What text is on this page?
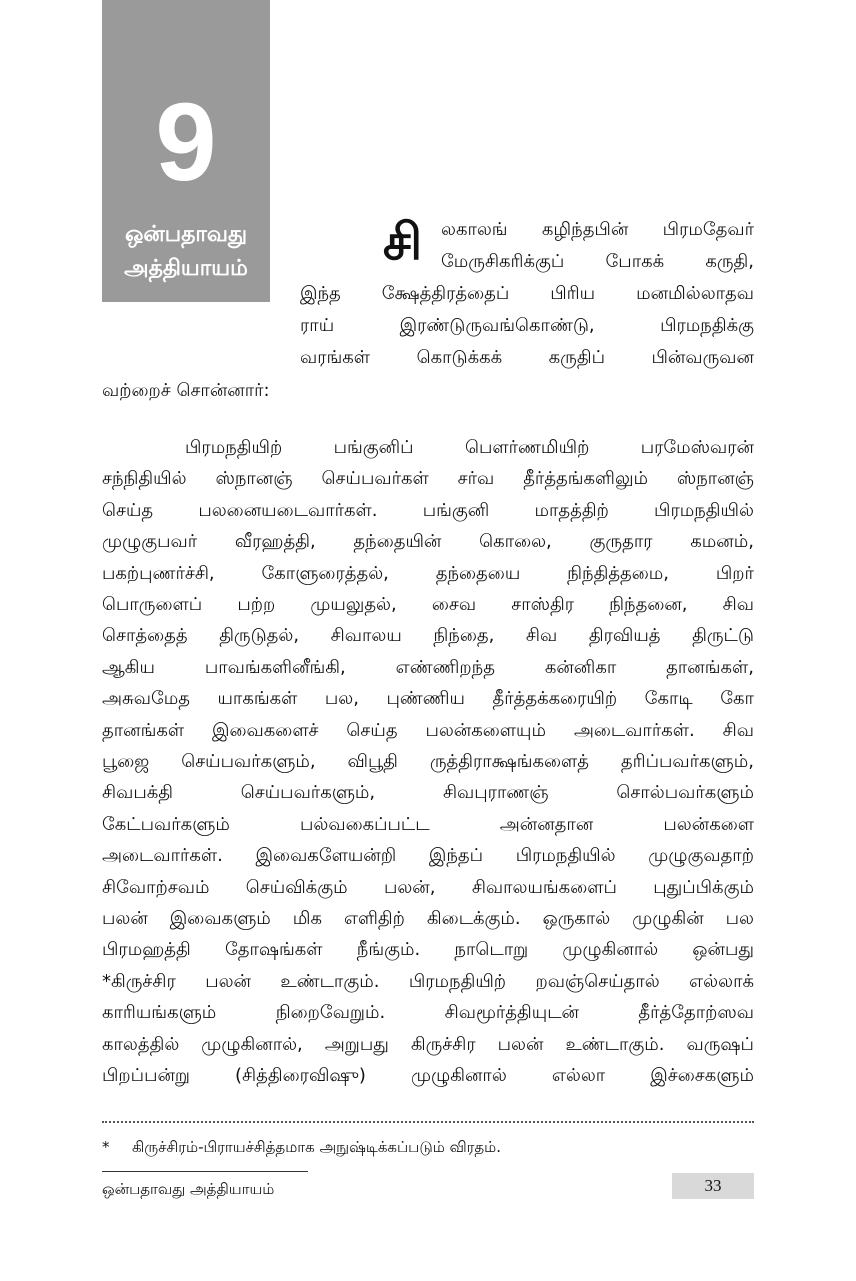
9
ஒன்பதாவது
அத்தியாயம்	சி லகாலங் கழிந்தபின் பிரமதேவர்
மேருசிகரிக்குப் போகக் கருதி,
இந்த க்ஷேத்திரத்தைப் பிரிய மனமில்லாதவ
ராய்	இரண்டுருவங்கொண்டு,	பிரமநதிக்கு
வரங்கள்	கொடுக்கக்	கருதிப்	பின்வருவன
வற்றைச் சொன்னார்:
பிரமநதியிற்	பங்குனிப்	பௌர்ணமியிற்	பரமேஸ்வரன்
சந்நிதியில் ஸ்நானஞ் செய்பவர்கள் சர்வ தீர்த்தங்களிலும் ஸ்நானஞ்
செய்த	பலனையடைவார்கள்.	பங்குனி	மாதத்திற்	பிரமநதியில்
முழுகுபவர் வீரஹத்தி, தந்தையின் கொலை, குருதார கமனம்,
பகற்புணர்ச்சி,	கோளுரைத்தல்,	தந்தையை	நிந்தித்தமை,	பிறர்
பொருளைப் பற்ற முயலுதல், சைவ சாஸ்திர நிந்தனை, சிவ
சொத்தைத் திருடுதல், சிவாலய நிந்தை, சிவ திரவியத் திருட்டு
ஆகிய	பாவங்களினீங்கி,	எண்ணிறந்த	கன்னிகா	தானங்கள்,
அசுவமேத யாகங்கள் பல, புண்ணிய தீர்த்தக்கரையிற் கோடி கோ
தானங்கள் இவைகளைச் செய்த பலன்களையும் அடைவார்கள். சிவ
பூஜை செய்பவர்களும், விபூதி ருத்திராக்ஷங்களைத் தரிப்பவர்களும்,
சிவபக்தி	செய்பவர்களும்,	சிவபுராணஞ்	சொல்பவர்களும்
கேட்பவர்களும்	பல்வகைப்பட்ட	அன்னதான	பலன்களை
அடைவார்கள். இவைகளேயன்றி இந்தப் பிரமநதியில் முழுகுவதாற்
சிவோற்சவம் செய்விக்கும் பலன், சிவாலயங்களைப் புதுப்பிக்கும்
பலன் இவைகளும் மிக எளிதிற் கிடைக்கும். ஒருகால் முழுகின் பல
பிரமஹத்தி தோஷங்கள் நீங்கும். நாடொறு முழுகினால் ஒன்பது
*கிருச்சிர பலன் உண்டாகும். பிரமநதியிற் றவஞ்செய்தால் எல்லாக்
காரியங்களும்	நிறைவேறும்.	சிவமூர்த்தியுடன்	தீர்த்தோற்ஸவ
காலத்தில் முழுகினால், அறுபது கிருச்சிர பலன் உண்டாகும். வருஷப்
பிறப்பன்று	(சித்திரைவிஷு)	முழுகினால்	எல்லா	இச்சைகளும்
* கிருச்சிரம்-பிராயச்சித்தமாக அநுஷ்டிக்கப்படும் விரதம்.
ஒன்பதாவது அத்தியாயம்	33
